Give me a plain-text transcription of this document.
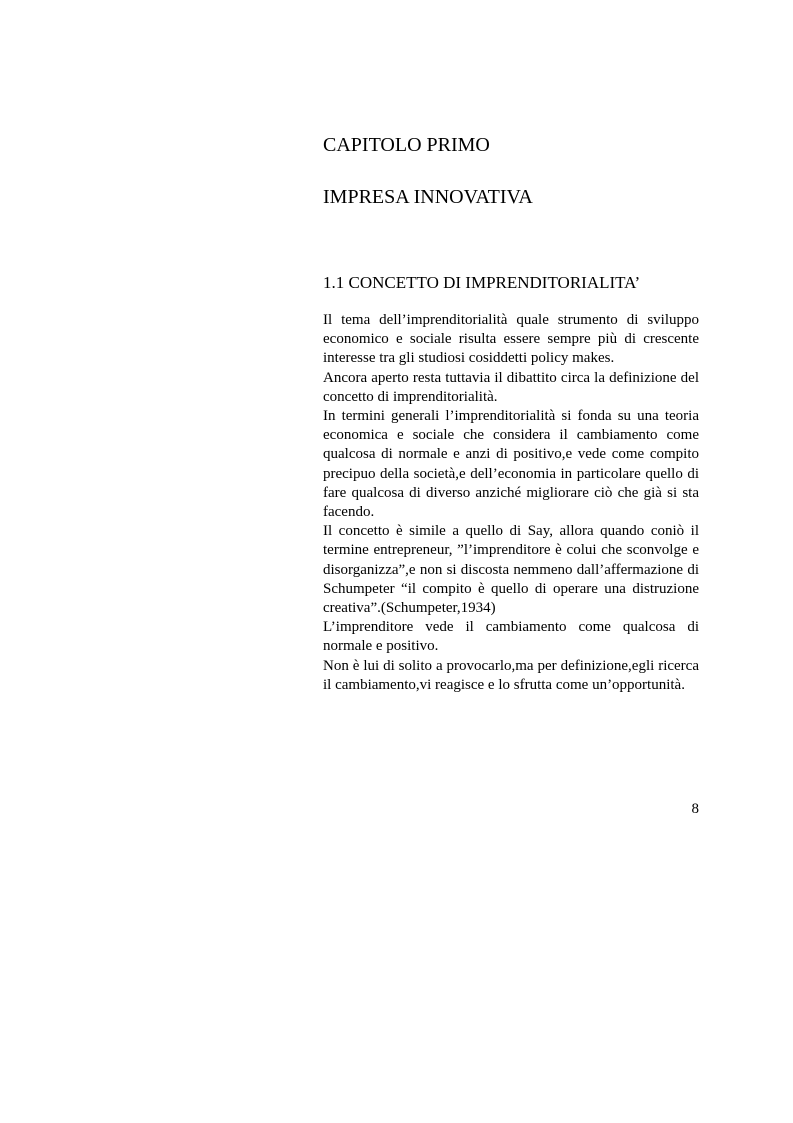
CAPITOLO PRIMO
IMPRESA INNOVATIVA
1.1 CONCETTO DI IMPRENDITORIALITA’

Il tema dell’imprenditorialità quale strumento di sviluppo economico e sociale risulta essere sempre più di crescente interesse tra gli studiosi cosiddetti policy makes.

Ancora aperto resta tuttavia il dibattito circa la definizione del concetto di imprenditorialità.

In termini generali l’imprenditorialità si fonda su una teoria economica e sociale che considera il cambiamento come qualcosa di normale e anzi di positivo,e vede come compito precipuo della società,e dell’economia in particolare quello di fare qualcosa di diverso anziché migliorare ciò che già si sta facendo.

Il concetto è simile a quello di Say, allora quando coniò il termine entrepreneur, ”l’imprenditore è colui che sconvolge e disorganizza”,e non si discosta nemmeno dall’affermazione di Schumpeter “il compito è quello di operare una distruzione creativa”.(Schumpeter,1934)

L’imprenditore vede il cambiamento come qualcosa di normale e positivo.

Non è lui di solito a provocarlo,ma per definizione,egli ricerca il cambiamento,vi reagisce e lo sfrutta come un’opportunità.

8
